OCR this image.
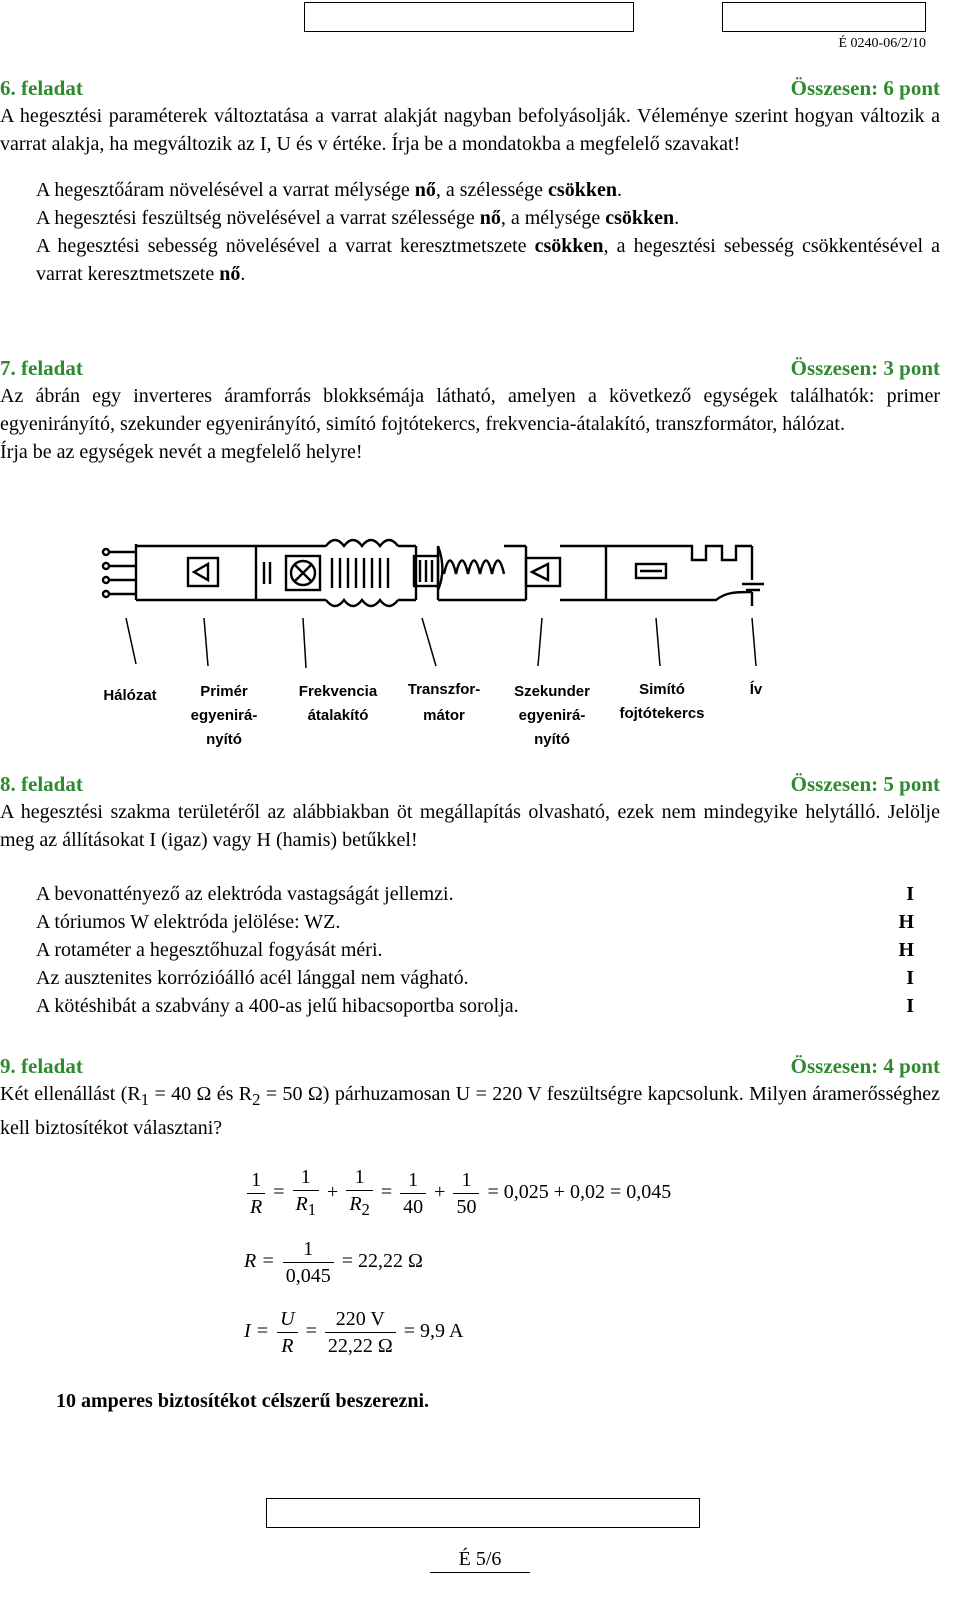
É 0240-06/2/10
6. feladat	Összesen: 6 pont

A hegesztési paraméterek változtatása a varrat alakját nagyban befolyásolják. Véleménye szerint hogyan változik a varrat alakja, ha megváltozik az I, U és v értéke. Írja be a mondatokba a megfelelő szavakat!

A hegesztőáram növelésével a varrat mélysége nő, a szélessége csökken.

A hegesztési feszültség növelésével a varrat szélessége nő, a mélysége csökken.

A hegesztési sebesség növelésével a varrat keresztmetszete csökken, a hegesztési sebesség csökkentésével a varrat keresztmetszete nő.

7. feladat	Összesen: 3 pont

Az ábrán egy inverteres áramforrás blokksémája látható, amelyen a következő egységek találhatók: primer egyenirányító, szekunder egyenirányító, simító fojtótekercs, frekvencia-átalakító, transzformátor, hálózat.

Írja be az egységek nevét a megfelelő helyre!

Hálózat	Primér
egyenirá-
nyító
Frekvencia
átalakító
Transzfor-
mátor
Szekunder
egyenirá-
nyító
Simító
fojtótekercs
Ív
8. feladat	Összesen: 5 pont

A hegesztési szakma területéről az alábbiakban öt megállapítás olvasható, ezek nem mindegyike helytálló. Jelölje meg az állításokat I (igaz) vagy H (hamis) betűkkel!

A bevonattényező az elektróda vastagságát jellemzi.	I
A tóriumos W elektróda jelölése: WZ.	H
A rotaméter a hegesztőhuzal fogyását méri.	H
Az ausztenites korrózióálló acél lánggal nem vágható.	I
A kötéshibát a szabvány a 400-as jelű hibacsoportba sorolja.	I
9. feladat	Összesen: 4 pont

Két ellenállást ($R_1 = 40$ Ω és $R_2 = 50$ Ω) párhuzamosan U = 220 V feszültségre kapcsolunk. Milyen áramerősséghez kell biztosítékot választani?

$\frac{1}{R} = \frac{1}{R_1} + \frac{1}{R_2} = \frac{1}{40} + \frac{1}{50} = 0,025 + 0,02 = 0,045$
$R = \frac{1}{0,045} = 22,22$ Ω
$I = \frac{U}{R} = \frac{220 V}{22,22 \Omega} = 9,9$ A
10 amperes biztosítékot célszerű beszerezni.
É 5/6
